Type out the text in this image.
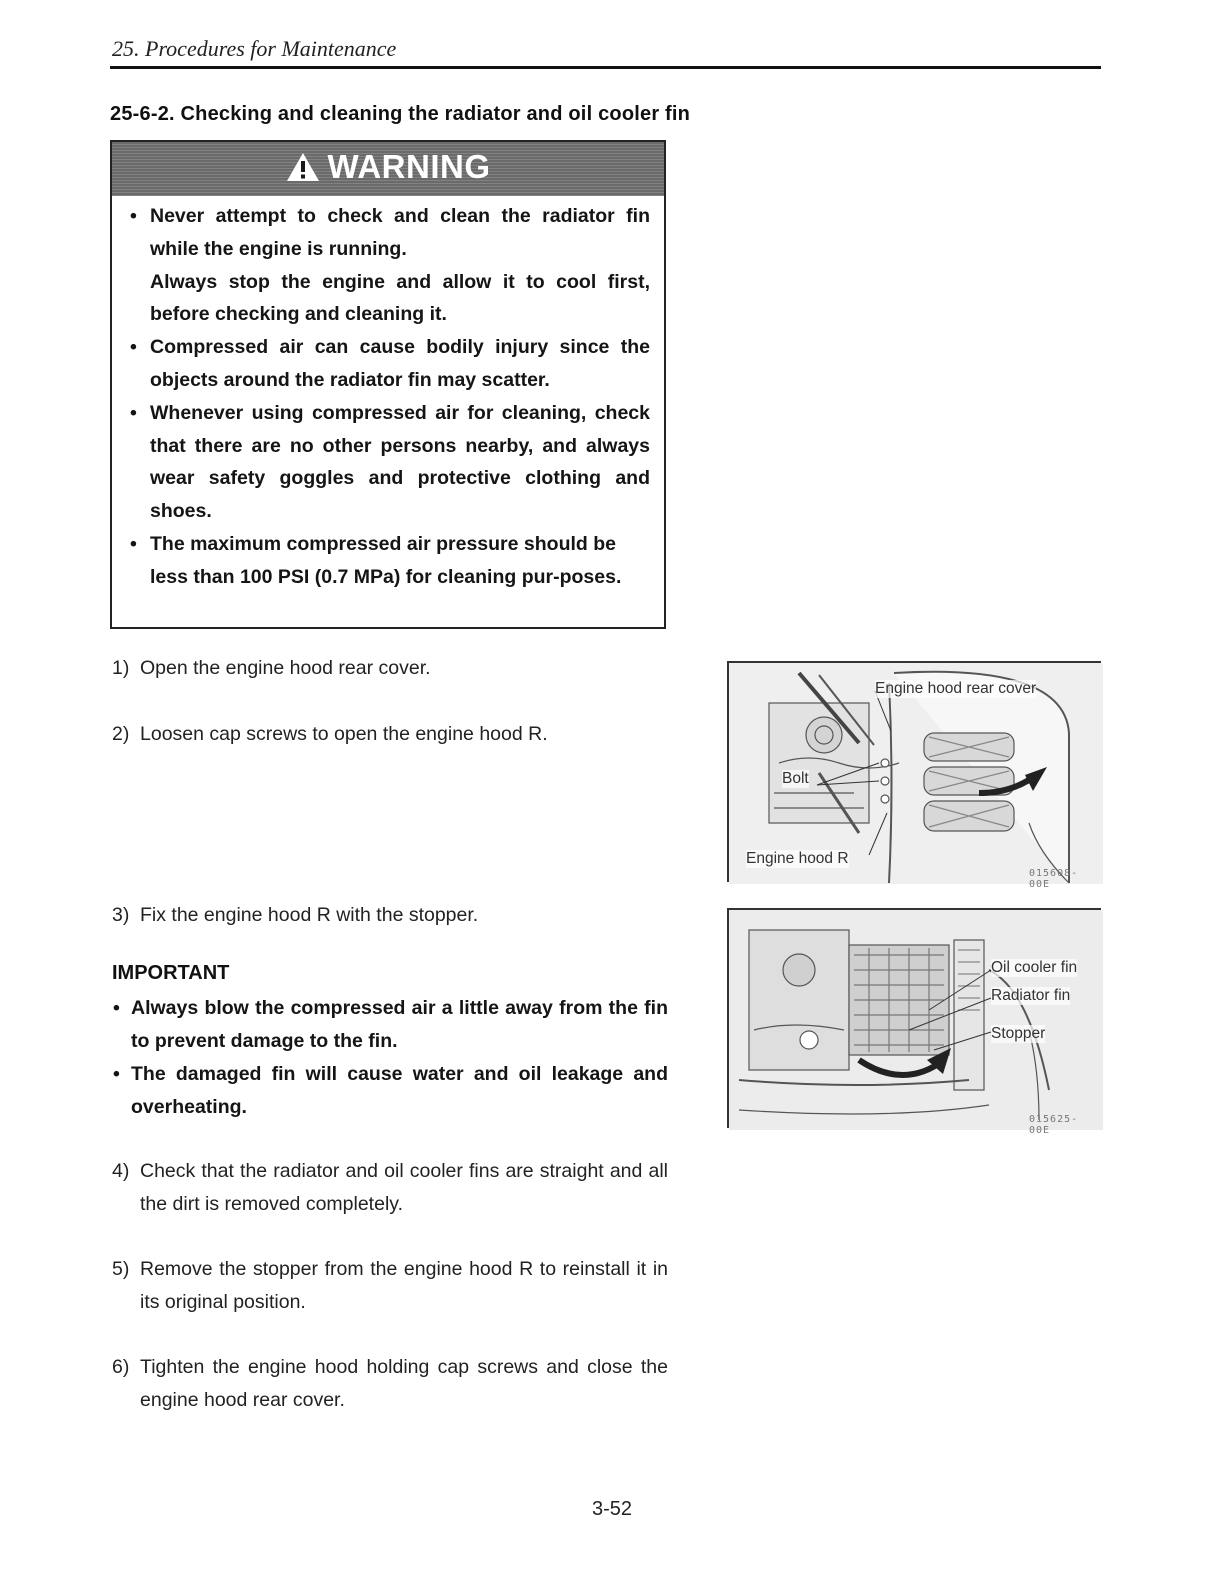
25. Procedures for Maintenance
25-6-2. Checking and cleaning the radiator and oil cooler fin
WARNING
• Never attempt to check and clean the radiator fin while the engine is running.

Always stop the engine and allow it to cool first, before checking and cleaning it.

• Compressed air can cause bodily injury since the objects around the radiator fin may scatter.

• Whenever using compressed air for cleaning, check that there are no other persons nearby, and always wear safety goggles and protective clothing and shoes.

• The maximum compressed air pressure should be less than 100 PSI (0.7 MPa) for cleaning pur-poses.

1) Open the engine hood rear cover.
2) Loosen cap screws to open the engine hood R.
3) Fix the engine hood R with the stopper.
IMPORTANT
• Always blow the compressed air a little away from the fin to prevent damage to the fin.
• The damaged fin will cause water and oil leakage and overheating.
4) Check that the radiator and oil cooler fins are straight and all the dirt is removed completely.
5) Remove the stopper from the engine hood R to reinstall it in its original position.
6) Tighten the engine hood holding cap screws and close the engine hood rear cover.
Engine hood rear cover
Bolt
Engine hood R
015608-00E
Oil cooler fin
Radiator fin
Stopper
015625-00E
3-52
